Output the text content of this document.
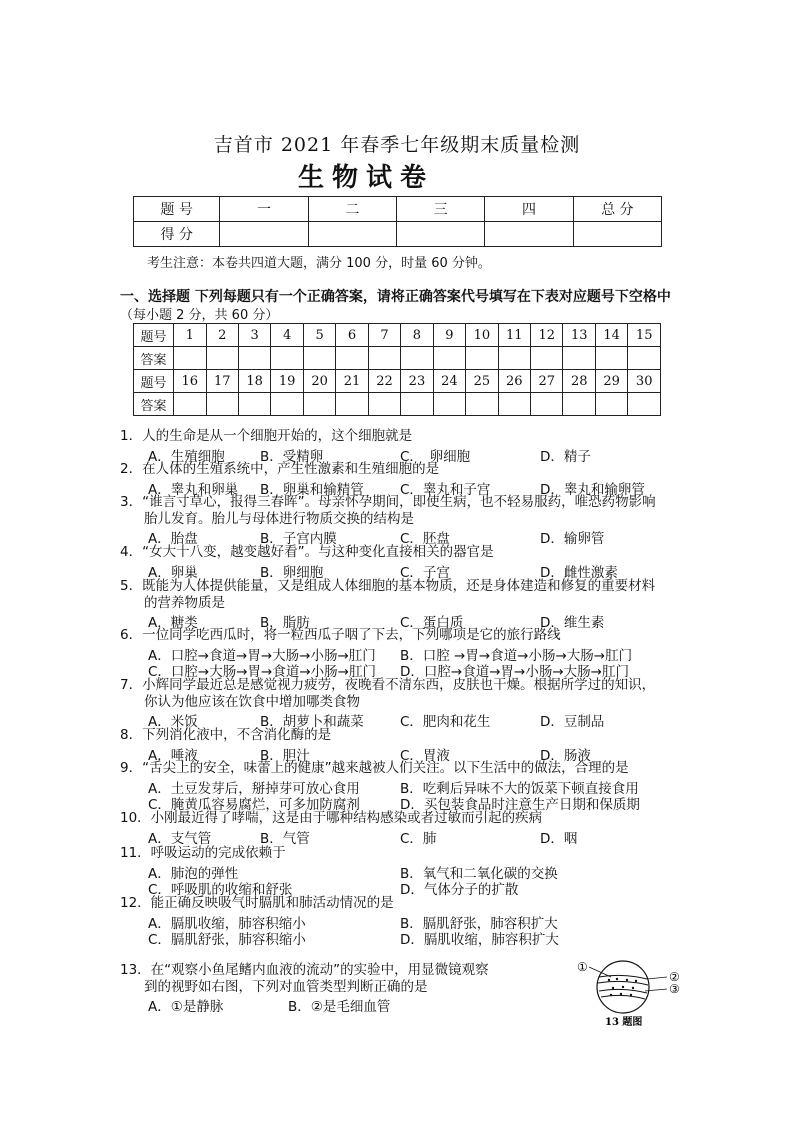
吉首市 2021 年春季七年级期末质量检测
生物试卷
题 号	一	二	三	四	总 分
得 分					
考生注意：本卷共四道大题，满分 100 分，时量 60 分钟。
一、选择题 下列每题只有一个正确答案，请将正确答案代号填写在下表对应题号下空格中（每小题 2 分，共 60 分）
题号	1	2	3	4	5	6	7	8	9	10	11	12	13	14	15
答案															
题号	16	17	18	19	20	21	22	23	24	25	26	27	28	29	30
答案															
1．人的生命是从一个细胞开始的，这个细胞就是
A．生殖细胞	B．受精卵	C．　卵细胞	D．精子
2．在人体的生殖系统中，产生性激素和生殖细胞的是
A．睾丸和卵巢 B．卵巢和输精管	C．睾丸和子宫	D．睾丸和输卵管
3．“谁言寸草心，报得三春晖”。母亲怀孕期间，即使生病，也不轻易服药，唯恐药物影响
胎儿发育。胎儿与母体进行物质交换的结构是
A．胎盘	B．子宫内膜	C．胚盘	D．输卵管
4．“女大十八变，越变越好看”。与这种变化直接相关的器官是
A．卵巢	B．卵细胞	C．子宫	D．雌性激素
5．既能为人体提供能量，又是组成人体细胞的基本物质，还是身体建造和修复的重要材料
的营养物质是
A．糖类	B．脂肪	C．蛋白质	D．维生素
6．一位同学吃西瓜时，将一粒西瓜子咽了下去，下列哪项是它的旅行路线
A．口腔→食道→胃→大肠→小肠→肛门 B．口腔 →胃→食道→小肠→大肠→肛门
C．口腔→大肠→胃→食道→小肠→肛门 D．口腔→食道→胃→小肠→大肠→肛门
7．小辉同学最近总是感觉视力疲劳，夜晚看不清东西，皮肤也干燥。根据所学过的知识，
你认为他应该在饮食中增加哪类食物
A．米饭	B．胡萝卜和蔬菜	C．肥肉和花生	D．豆制品
8．下列消化液中，不含消化酶的是
A．唾液	B．胆汁	C．胃液	D．肠液
9．“舌尖上的安全，味蕾上的健康”越来越被人们关注。以下生活中的做法，合理的是
A．土豆发芽后，掰掉芽可放心食用	B．吃剩后异味不大的饭菜下顿直接食用
C．腌黄瓜容易腐烂，可多加防腐剂	D．买包装食品时注意生产日期和保质期
10．小刚最近得了哮喘，这是由于哪种结构感染或者过敏而引起的疾病
A．支气管	B．气管	C．肺	D．咽
11．呼吸运动的完成依赖于
A．肺泡的弹性	B．氧气和二氧化碳的交换
C．呼吸肌的收缩和舒张	D．气体分子的扩散
12．能正确反映吸气时膈肌和肺活动情况的是
A．膈肌收缩，肺容积缩小	B．膈肌舒张，肺容积扩大
C．膈肌舒张，肺容积缩小	D．膈肌收缩，肺容积扩大
13．在“观察小鱼尾鳍内血液的流动”的实验中，用显微镜观察
到的视野如右图，下列对血管类型判断正确的是
A．①是静脉	B．②是毛细血管
①
②
③
13 题图
